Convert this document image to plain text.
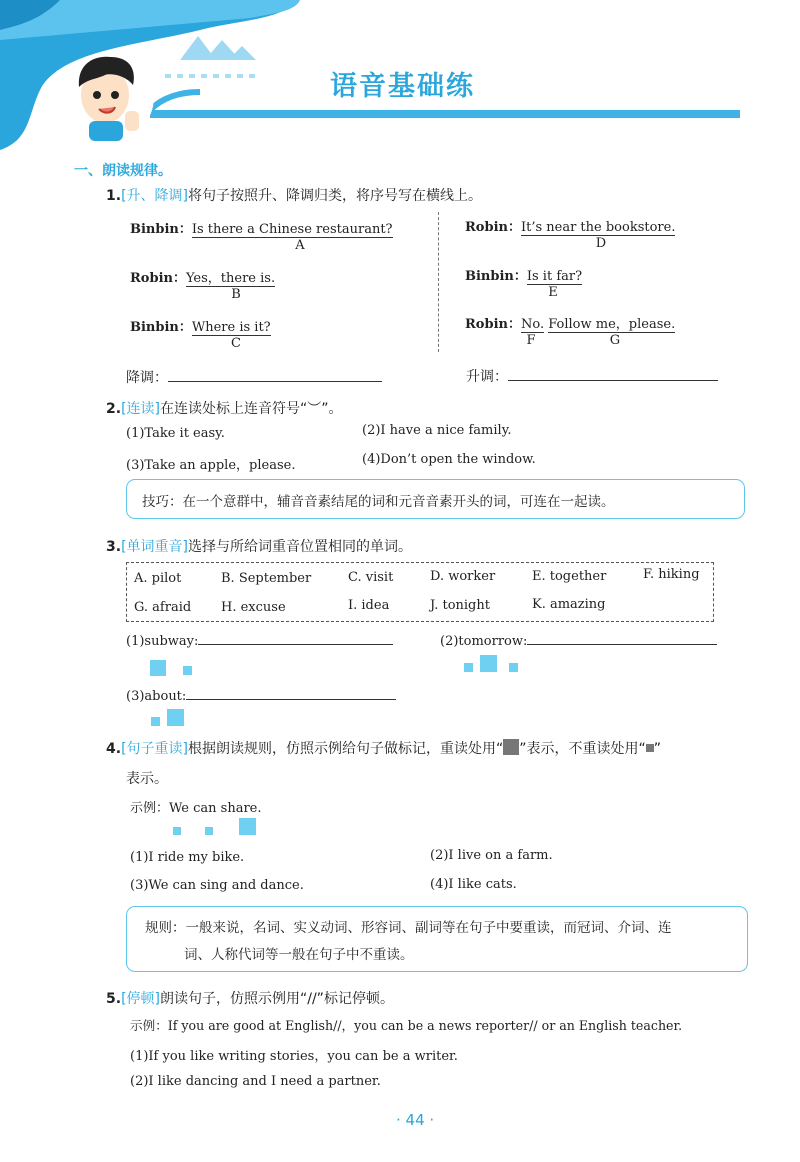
语音基础练
一、朗读规律。
1.[升、降调]将句子按照升、降调归类，将序号写在横线上。
Binbin：Is there a Chinese restaurant?
A
Robin：Yes，there is.
B
Binbin：Where is it?
C
Robin：It’s near the bookstore.
D
Binbin：Is it far?
E
Robin：No. Follow me，please.
F	G
降调：	升调：
2.[连读]在连读处标上连音符号“︶”。
(1)Take it easy.	(2)I have a nice family.
(3)Take an apple，please.	(4)Don’t open the window.
技巧：在一个意群中，辅音音素结尾的词和元音音素开头的词，可连在一起读。
3.[单词重音]选择与所给词重音位置相同的单词。
A. pilot	B. September	C. visit	D. worker	E. together	F. hiking
G. afraid H. excuse	I. idea	J. tonight	K. amazing
(1)subway:	(2)tomorrow:
(3)about:
4.[句子重读]根据朗读规则，仿照示例给句子做标记，重读处用“ ”表示，不重读处用“ ”
表示。
示例：We can share.
(1)I ride my bike.	(2)I live on a farm.
(3)We can sing and dance.	(4)I like cats.
规则：一般来说，名词、实义动词、形容词、副词等在句子中要重读，而冠词、介词、连
词、人称代词等一般在句子中不重读。
5.[停顿]朗读句子，仿照示例用“//”标记停顿。
示例：If you are good at English//，you can be a news reporter// or an English teacher.
(1)If you like writing stories，you can be a writer.
(2)I like dancing and I need a partner.
· 44 ·
